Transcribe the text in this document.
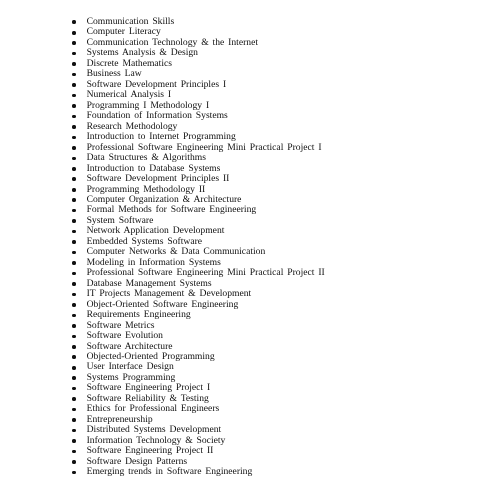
Communication Skills
Computer Literacy
Communication Technology & the Internet
Systems Analysis & Design
Discrete Mathematics
Business Law
Software Development Principles I
Numerical Analysis I
Programming I Methodology I
Foundation of Information Systems
Research Methodology
Introduction to Internet Programming
Professional Software Engineering Mini Practical Project I
Data Structures & Algorithms
Introduction to Database Systems
Software Development Principles II
Programming Methodology II
Computer Organization & Architecture
Formal Methods for Software Engineering
System Software
Network Application Development
Embedded Systems Software
Computer Networks & Data Communication
Modeling in Information Systems
Professional Software Engineering Mini Practical Project II
Database Management Systems
IT Projects Management & Development
Object-Oriented Software Engineering
Requirements Engineering
Software Metrics
Software Evolution
Software Architecture
Objected-Oriented Programming
User Interface Design
Systems Programming
Software Engineering Project I
Software Reliability & Testing
Ethics for Professional Engineers
Entrepreneurship
Distributed Systems Development
Information Technology & Society
Software Engineering Project II
Software Design Patterns
Emerging trends in Software Engineering
